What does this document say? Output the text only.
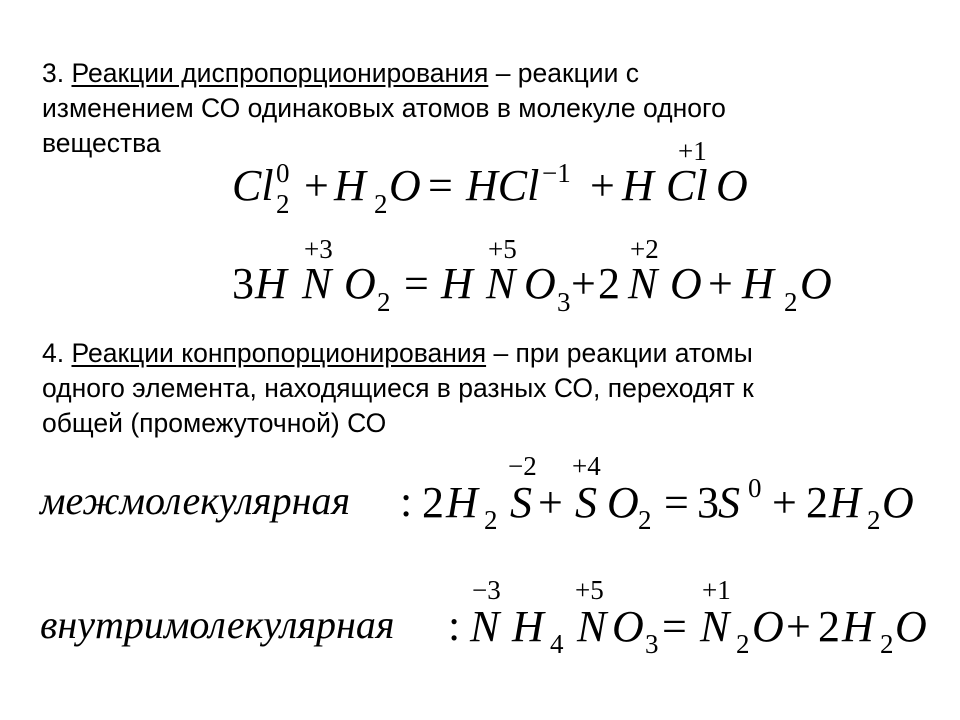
3. Реакции диспропорционирования – реакции с
изменением СО одинаковых атомов в молекуле одного
вещества

Cl 0
2 + H 2 O = HCl −1 + H
+1
Cl O
3 H
+3
N O 2 = H
+5
N O 3 + 2
+2
N O + H 2 O

4. Реакции конпропорционирования – при реакции атомы
одного элемента, находящиеся в разных СО, переходят к
общей (промежуточной) СО

межмолекулярная : 2 H 2
−2
S +
+4
S O 2 = 3 S 0 + 2 H 2 O
внутримолекулярная :
−3
N H 4
+5
N O 3 =
+1
N 2 O + 2 H 2 O
